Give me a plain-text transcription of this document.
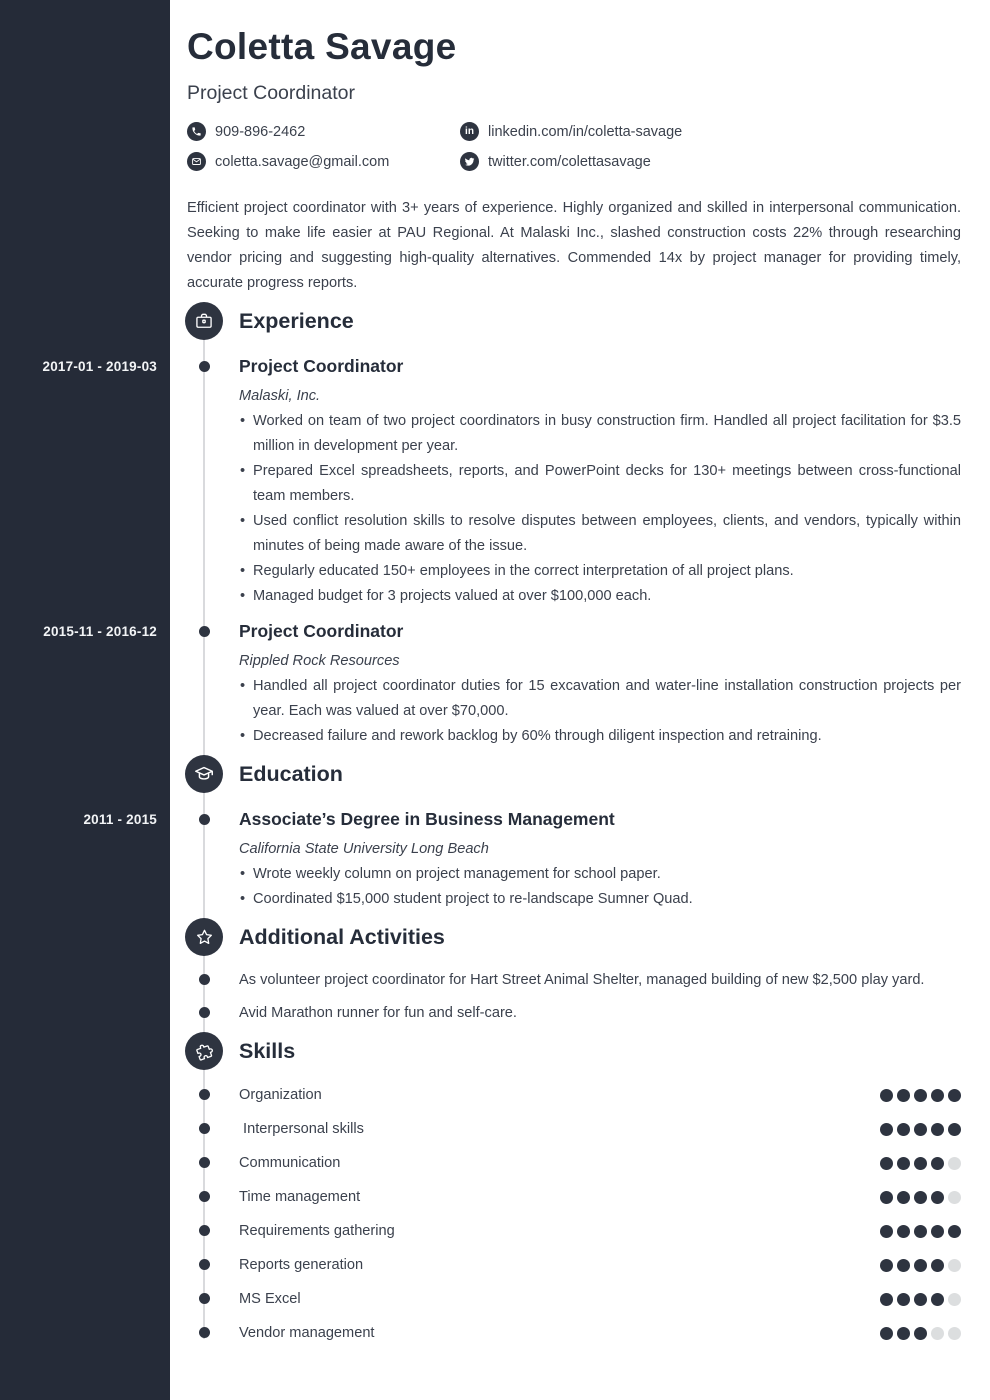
2017-01 - 2019-03
2015-11 - 2016-12
2011 - 2015
Coletta Savage
Project Coordinator
909-896-2462	in linkedin.com/in/coletta-savage
coletta.savage@gmail.com	twitter.com/colettasavage

Efficient project coordinator with 3+ years of experience. Highly organized and skilled in interpersonal communication. Seeking to make life easier at PAU Regional. At Malaski Inc., slashed construction costs 22% through researching vendor pricing and suggesting high-quality alternatives. Commended 14x by project manager for providing timely, accurate progress reports.

Experience
Project Coordinator
Malaski, Inc.
• Worked on team of two project coordinators in busy construction firm. Handled all project facilitation for $3.5 million in development per year.
• Prepared Excel spreadsheets, reports, and PowerPoint decks for 130+ meetings between cross-functional team members.
• Used conflict resolution skills to resolve disputes between employees, clients, and vendors, typically within minutes of being made aware of the issue.
• Regularly educated 150+ employees in the correct interpretation of all project plans.
• Managed budget for 3 projects valued at over $100,000 each.
Project Coordinator
Rippled Rock Resources
• Handled all project coordinator duties for 15 excavation and water-line installation construction projects per year. Each was valued at over $70,000.
• Decreased failure and rework backlog by 60% through diligent inspection and retraining.
Education
Associate’s Degree in Business Management
California State University Long Beach
• Wrote weekly column on project management for school paper.
• Coordinated $15,000 student project to re-landscape Sumner Quad.
Additional Activities
As volunteer project coordinator for Hart Street Animal Shelter, managed building of new $2,500 play yard.
Avid Marathon runner for fun and self-care.
Skills
Organization
Interpersonal skills
Communication
Time management
Requirements gathering
Reports generation
MS Excel
Vendor management
